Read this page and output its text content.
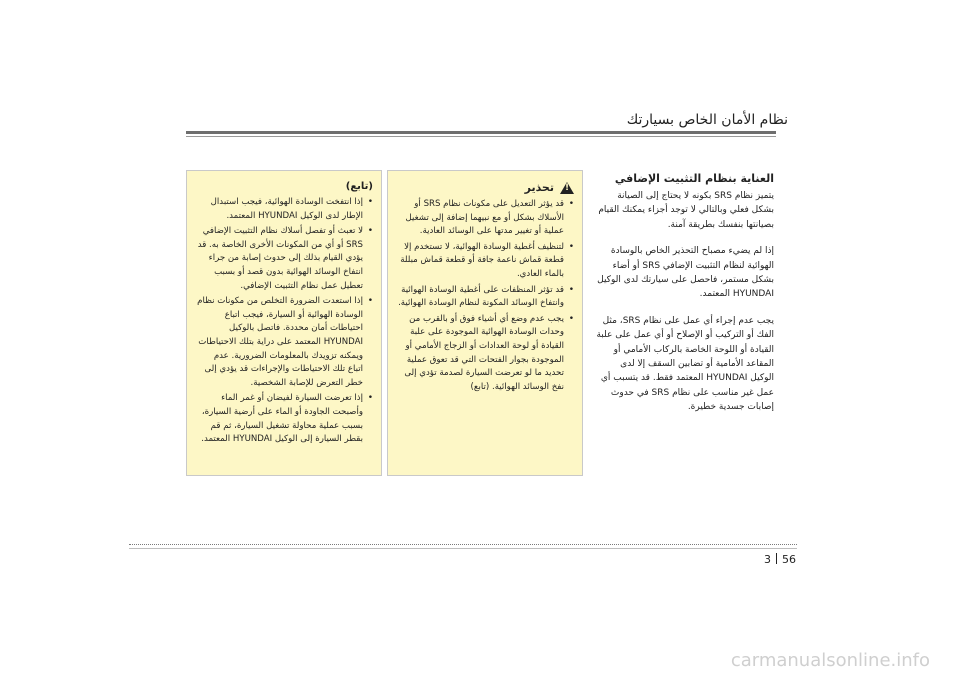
نظام الأمان الخاص بسيارتك
(تابع)
• إذا انتفخت الوسادة الهوائية، فيجب استبدال الإطار لدى الوكيل HYUNDAI المعتمد.
• لا تعبث أو تفصل أسلاك نظام التثبيت الإضافي SRS أو أي من المكونات الأخرى الخاصة به. قد يؤدي القيام بذلك إلى حدوث إصابة من جراء انتفاخ الوسائد الهوائية بدون قصد أو بسبب تعطيل عمل نظام التثبيت الإضافي.
• إذا استعدت الضرورة التخلص من مكونات نظام الوسادة الهوائية أو السيارة، فيجب اتباع احتياطات أمان محددة. فاتصل بالوكيل HYUNDAI المعتمد على دراية بتلك الاحتياطات ويمكنه تزويدك بالمعلومات الضرورية. عدم اتباع تلك الاحتياطات والإجراءات قد يؤدي إلى خطر التعرض للإصابة الشخصية.
• إذا تعرضت السيارة لفيضان أو غمر الماء وأصبحت الجاودة أو الماء على أرضية السيارة، بسبب عملية محاولة تشغيل السيارة، ثم قم بقطر السيارة إلى الوكيل HYUNDAI المعتمد.
!
تحذير
• قد يؤثر التعديل على مكونات نظام SRS أو الأسلاك بشكل أو مع نبيهما إضافة إلى تشغيل عملية أو تغيير مدتها على الوسائد العادية.
• لتنظيف أغطية الوسادة الهوائية، لا تستخدم إلا قطعة قماش ناعمة جافة أو قطعة قماش مبللة بالماء العادي.
• قد تؤثر المنظفات على أغطية الوسادة الهوائية وانتفاخ الوسائد المكونة لنظام الوسادة الهوائية.
• يجب عدم وضع أي أشياء فوق أو بالقرب من وحدات الوسادة الهوائية الموجودة على علبة القيادة أو لوحة العدادات أو الزجاج الأمامي أو الموجودة بجوار الفتحات التي قد تعوق عملية تحديد ما لو تعرضت السيارة لصدمة تؤدي إلى نفخ الوسائد الهوائية. (تابع)
العناية بنظام التثبيت الإضافي

يتميز نظام SRS بكونه لا يحتاج إلى الصيانة بشكل فعلي وبالتالي لا توجد أجزاء يمكنك القيام بصيانتها بنفسك بطريقة آمنة.

إذا لم يضيء مصباح التحذير الخاص بالوسادة الهوائية لنظام التثبيت الإضافي SRS أو أضاء بشكل مستمر، فاحصل على سيارتك لدى الوكيل HYUNDAI المعتمد.

يجب عدم إجراء أي عمل على نظام SRS، مثل الفك أو التركيب أو الإصلاح أو أي عمل على علبة القيادة أو اللوحة الخاصة بالركاب الأمامي أو المقاعد الأمامية أو تضابين السقف إلا لدى الوكيل HYUNDAI المعتمد فقط. قد يتسبب أي عمل غير مناسب على نظام SRS في حدوث إصابات جسدية خطيرة.

3 56
carmanualsonline.info
